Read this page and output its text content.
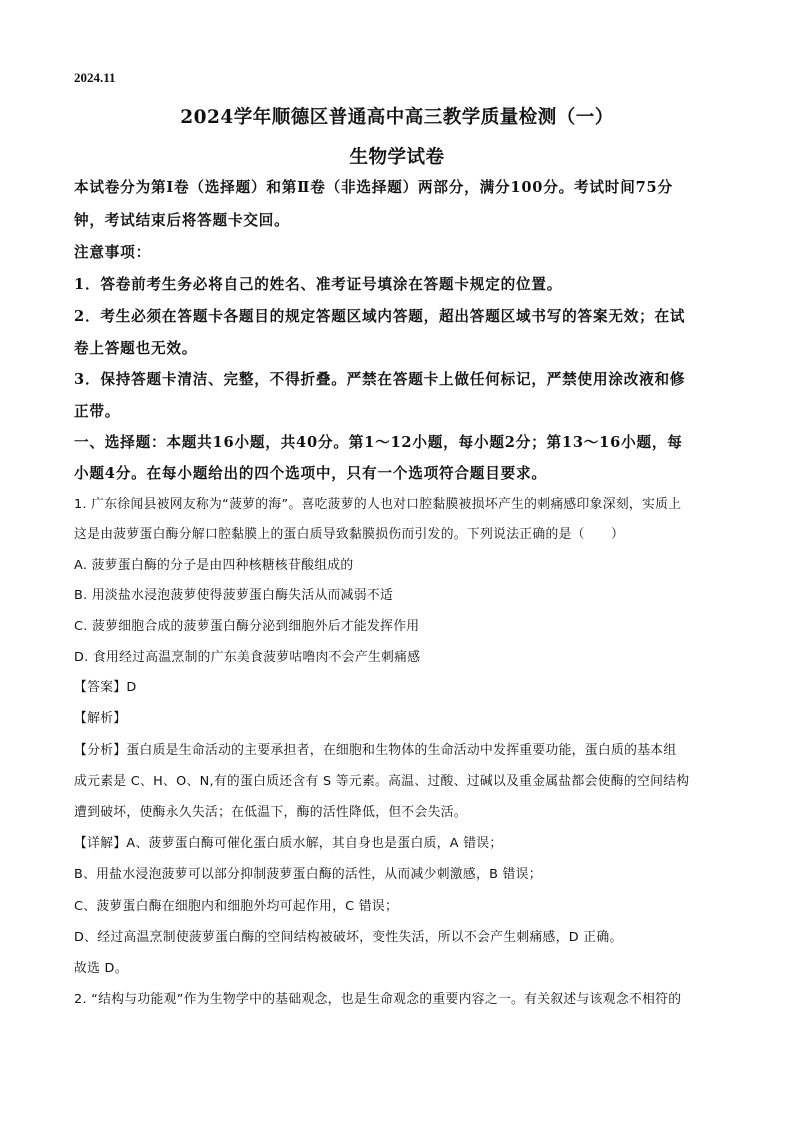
2024.11
2024学年顺德区普通高中高三教学质量检测（一）
生物学试卷
本试卷分为第Ⅰ卷（选择题）和第Ⅱ卷（非选择题）两部分，满分100分。考试时间75分
钟，考试结束后将答题卡交回。
注意事项：
1．答卷前考生务必将自己的姓名、准考证号填涂在答题卡规定的位置。
2．考生必须在答题卡各题目的规定答题区域内答题，超出答题区域书写的答案无效；在试
卷上答题也无效。
3．保持答题卡清洁、完整，不得折叠。严禁在答题卡上做任何标记，严禁使用涂改液和修
正带。
一、选择题：本题共16小题，共40分。第1～12小题，每小题2分；第13～16小题，每
小题4分。在每小题给出的四个选项中，只有一个选项符合题目要求。
1. 广东徐闻县被网友称为“菠萝的海”。喜吃菠萝的人也对口腔黏膜被损坏产生的刺痛感印象深刻，实质上
这是由菠萝蛋白酶分解口腔黏膜上的蛋白质导致黏膜损伤而引发的。下列说法正确的是（　　）
A. 菠萝蛋白酶的分子是由四种核糖核苷酸组成的
B. 用淡盐水浸泡菠萝使得菠萝蛋白酶失活从而减弱不适
C. 菠萝细胞合成的菠萝蛋白酶分泌到细胞外后才能发挥作用
D. 食用经过高温烹制的广东美食菠萝咕噜肉不会产生刺痛感
【答案】D
【解析】
【分析】蛋白质是生命活动的主要承担者，在细胞和生物体的生命活动中发挥重要功能，蛋白质的基本组
成元素是 C、H、O、N,有的蛋白质还含有 S 等元素。高温、过酸、过碱以及重金属盐都会使酶的空间结构
遭到破坏，使酶永久失活；在低温下，酶的活性降低，但不会失活。
【详解】A、菠萝蛋白酶可催化蛋白质水解，其自身也是蛋白质，A 错误；
B、用盐水浸泡菠萝可以部分抑制菠萝蛋白酶的活性，从而减少刺激感，B 错误；
C、菠萝蛋白酶在细胞内和细胞外均可起作用，C 错误；
D、经过高温烹制使菠萝蛋白酶的空间结构被破坏，变性失活，所以不会产生刺痛感，D 正确。
故选 D。
2. “结构与功能观”作为生物学中的基础观念，也是生命观念的重要内容之一。有关叙述与该观念不相符的
